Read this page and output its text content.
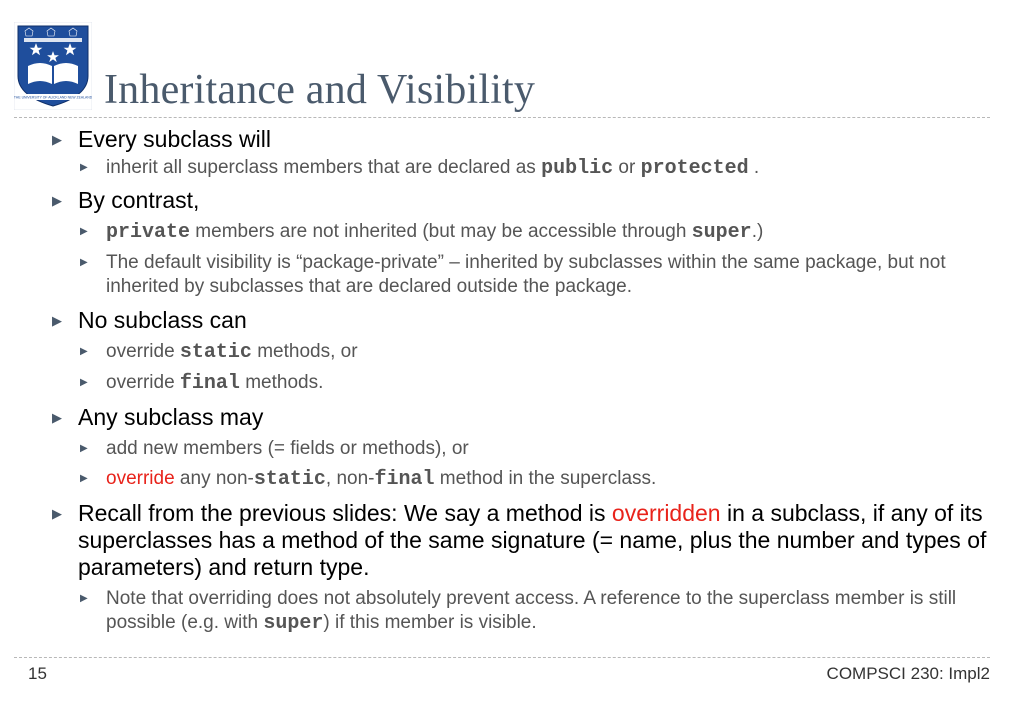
THE UNIVERSITY OF AUCKLAND NEW ZEALAND Inheritance and Visibility
▶ Every subclass will
▶ inherit all superclass members that are declared as public or protected .
▶ By contrast,
▶ private members are not inherited (but may be accessible through super.)
▶ The default visibility is “package-private” – inherited by subclasses within the same package, but not inherited by subclasses that are declared outside the package.
▶ No subclass can
▶ override static methods, or
▶ override final methods.
▶ Any subclass may
▶ add new members (= fields or methods), or
▶ override any non-static, non-final method in the superclass.
▶ Recall from the previous slides: We say a method is overridden in a subclass, if any of its superclasses has a method of the same signature (= name, plus the number and types of parameters) and return type.
▶ Note that overriding does not absolutely prevent access. A reference to the superclass member is still possible (e.g. with super) if this member is visible.
15	COMPSCI 230: Impl2
